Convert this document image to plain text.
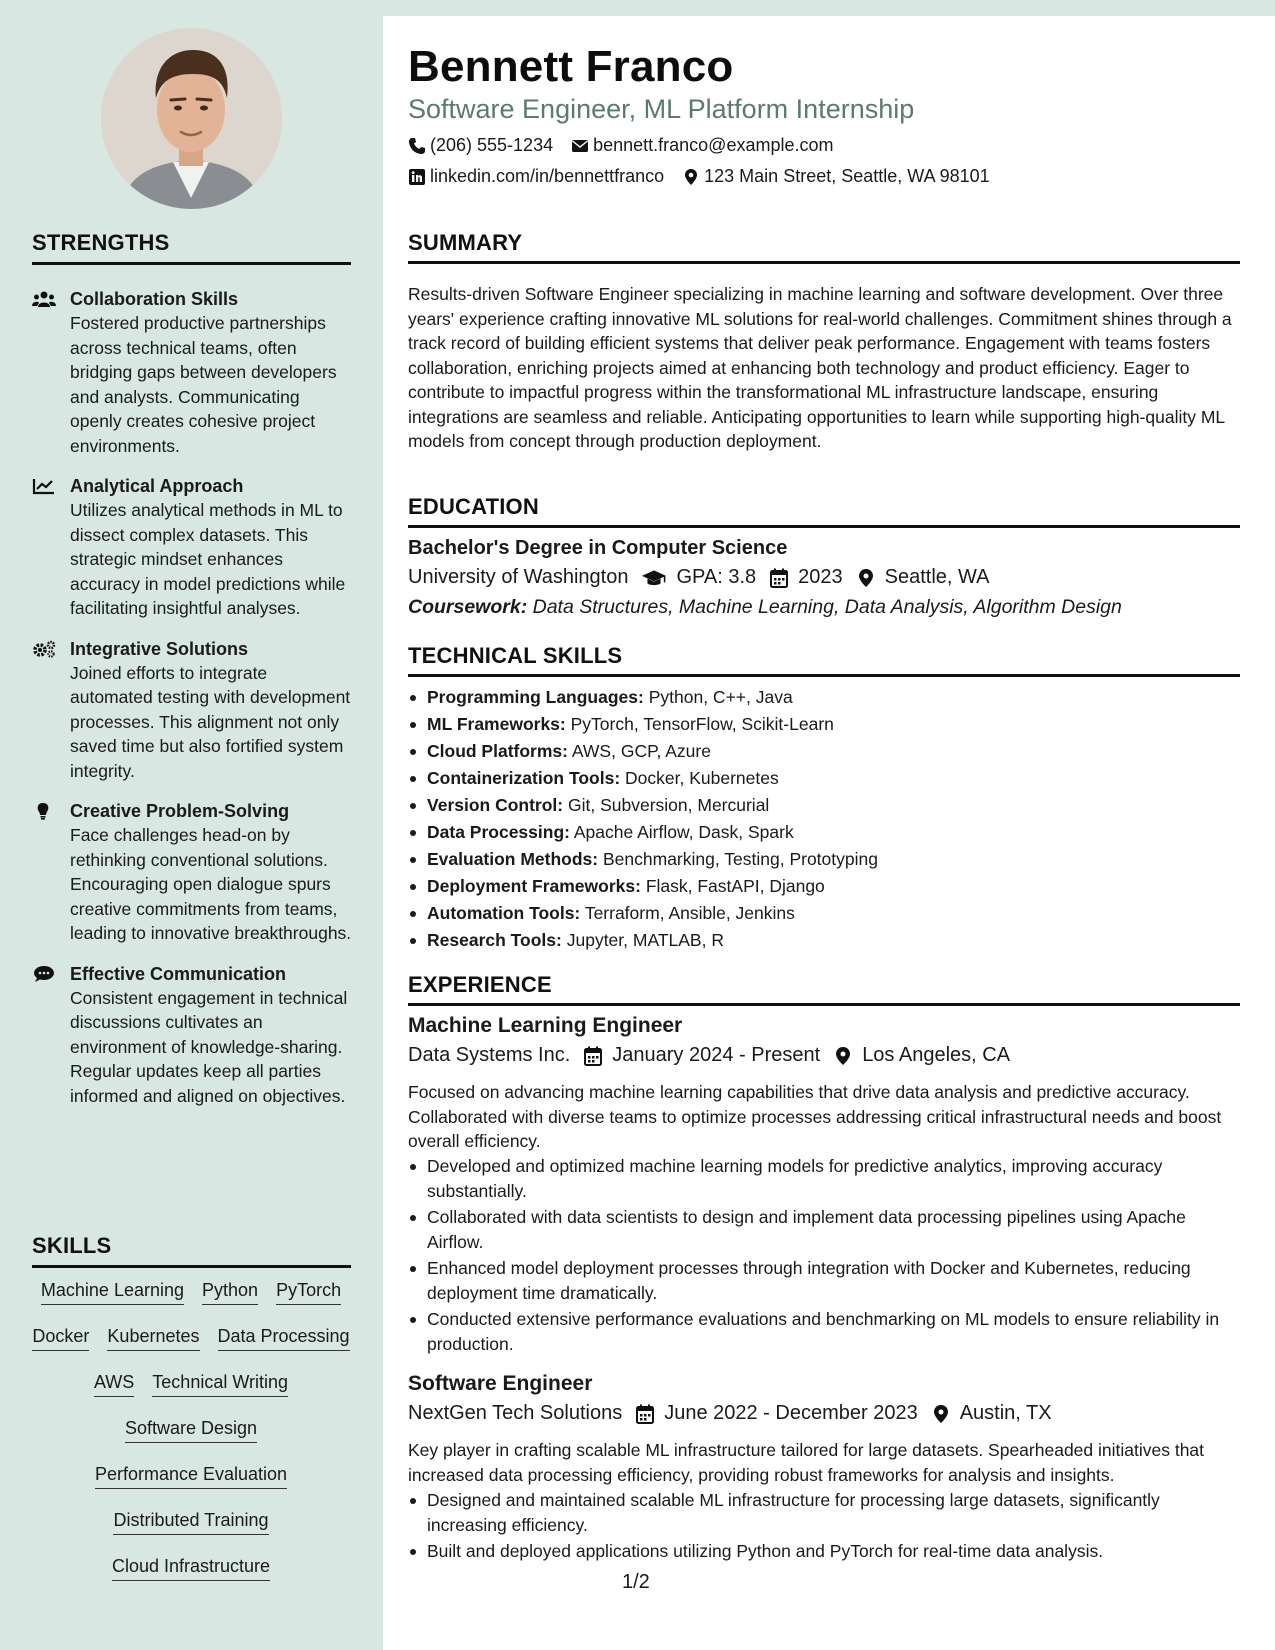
STRENGTHS
Collaboration Skills
Fostered productive partnerships across technical teams, often bridging gaps between developers and analysts. Communicating openly creates cohesive project environments.
Analytical Approach
Utilizes analytical methods in ML to dissect complex datasets. This strategic mindset enhances accuracy in model predictions while facilitating insightful analyses.
Integrative Solutions
Joined efforts to integrate automated testing with development processes. This alignment not only saved time but also fortified system integrity.
Creative Problem-Solving
Face challenges head-on by rethinking conventional solutions. Encouraging open dialogue spurs creative commitments from teams, leading to innovative breakthroughs.
Effective Communication
Consistent engagement in technical discussions cultivates an environment of knowledge-sharing. Regular updates keep all parties informed and aligned on objectives.
SKILLS
Machine Learning Python PyTorch
Docker Kubernetes Data Processing
AWS Technical Writing
Software Design
Performance Evaluation
Distributed Training
Cloud Infrastructure
Bennett Franco
Software Engineer, ML Platform Internship
(206) 555-1234 bennett.franco@example.com
linkedin.com/in/bennettfranco 123 Main Street, Seattle, WA 98101
SUMMARY
Results-driven Software Engineer specializing in machine learning and software development. Over three years' experience crafting innovative ML solutions for real-world challenges. Commitment shines through a track record of building efficient systems that deliver peak performance. Engagement with teams fosters collaboration, enriching projects aimed at enhancing both technology and product efficiency. Eager to contribute to impactful progress within the transformational ML infrastructure landscape, ensuring integrations are seamless and reliable. Anticipating opportunities to learn while supporting high-quality ML models from concept through production deployment.
EDUCATION
Bachelor's Degree in Computer Science
University of Washington GPA: 3.8 2023 Seattle, WA
Coursework: Data Structures, Machine Learning, Data Analysis, Algorithm Design
TECHNICAL SKILLS
Programming Languages: Python, C++, Java
ML Frameworks: PyTorch, TensorFlow, Scikit-Learn
Cloud Platforms: AWS, GCP, Azure
Containerization Tools: Docker, Kubernetes
Version Control: Git, Subversion, Mercurial
Data Processing: Apache Airflow, Dask, Spark
Evaluation Methods: Benchmarking, Testing, Prototyping
Deployment Frameworks: Flask, FastAPI, Django
Automation Tools: Terraform, Ansible, Jenkins
Research Tools: Jupyter, MATLAB, R
EXPERIENCE
Machine Learning Engineer
Data Systems Inc. January 2024 - Present Los Angeles, CA
Focused on advancing machine learning capabilities that drive data analysis and predictive accuracy. Collaborated with diverse teams to optimize processes addressing critical infrastructural needs and boost overall efficiency.
Developed and optimized machine learning models for predictive analytics, improving accuracy substantially.
Collaborated with data scientists to design and implement data processing pipelines using Apache Airflow.
Enhanced model deployment processes through integration with Docker and Kubernetes, reducing deployment time dramatically.
Conducted extensive performance evaluations and benchmarking on ML models to ensure reliability in production.
Software Engineer
NextGen Tech Solutions June 2022 - December 2023 Austin, TX
Key player in crafting scalable ML infrastructure tailored for large datasets. Spearheaded initiatives that increased data processing efficiency, providing robust frameworks for analysis and insights.
Designed and maintained scalable ML infrastructure for processing large datasets, significantly increasing efficiency.
Built and deployed applications utilizing Python and PyTorch for real-time data analysis.
1/2
